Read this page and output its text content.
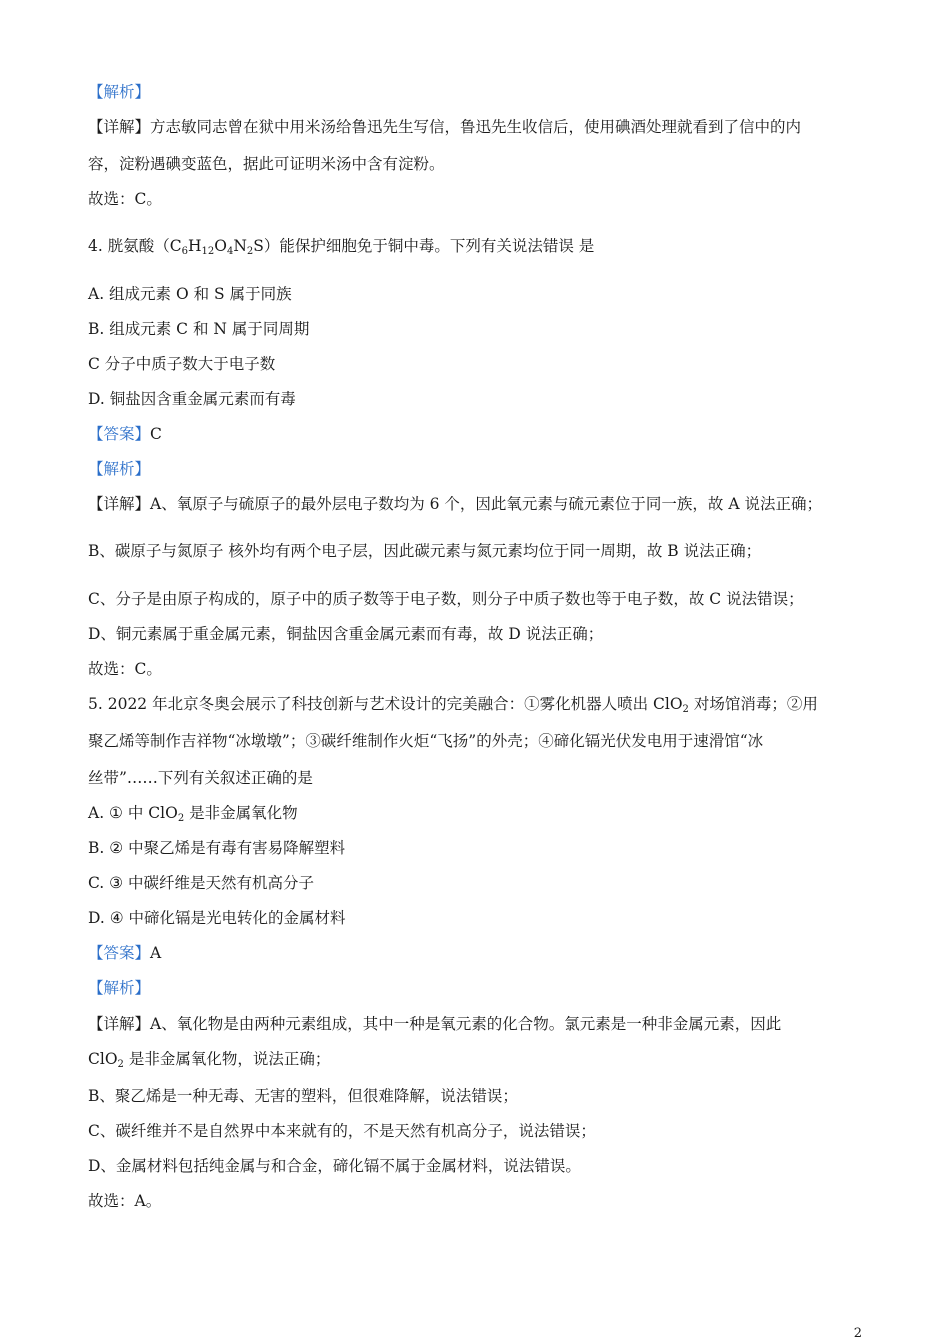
【解析】
【详解】方志敏同志曾在狱中用米汤给鲁迅先生写信，鲁迅先生收信后，使用碘酒处理就看到了信中的内
容，淀粉遇碘变蓝色，据此可证明米汤中含有淀粉。
故选：C。
4. 胱氨酸$(C_6H_{12}O_4N_2S)$能保护细胞免于铜中毒。下列有关说法错误 是
A. 组成元素 O 和 S 属于同族
B. 组成元素 C 和 N 属于同周期
C 分子中质子数大于电子数
D. 铜盐因含重金属元素而有毒
【答案】C
【解析】
【详解】A、氧原子与硫原子的最外层电子数均为 6 个，因此氧元素与硫元素位于同一族，故 A 说法正确；
B、碳原子与氮原子 核外均有两个电子层，因此碳元素与氮元素均位于同一周期，故 B 说法正确；
C、分子是由原子构成的，原子中的质子数等于电子数，则分子中质子数也等于电子数，故 C 说法错误；
D、铜元素属于重金属元素，铜盐因含重金属元素而有毒，故 D 说法正确；
故选：C。
5. 2022 年北京冬奥会展示了科技创新与艺术设计的完美融合：①雾化机器人喷出 ClO$_2$ 对场馆消毒；②用
聚乙烯等制作吉祥物“冰墩墩”；③碳纤维制作火炬“飞扬”的外壳；④碲化镉光伏发电用于速滑馆“冰
丝带”……下列有关叙述正确的是
A. ① 中 ClO$_2$ 是非金属氧化物
B. ② 中聚乙烯是有毒有害易降解塑料
C. ③ 中碳纤维是天然有机高分子
D. ④ 中碲化镉是光电转化的金属材料
【答案】A
【解析】
【详解】A、氧化物是由两种元素组成，其中一种是氧元素的化合物。氯元素是一种非金属元素，因此
ClO$_2$ 是非金属氧化物，说法正确；
B、聚乙烯是一种无毒、无害的塑料，但很难降解，说法错误；
C、碳纤维并不是自然界中本来就有的，不是天然有机高分子，说法错误；
D、金属材料包括纯金属与和合金，碲化镉不属于金属材料，说法错误。
故选：A。
2
